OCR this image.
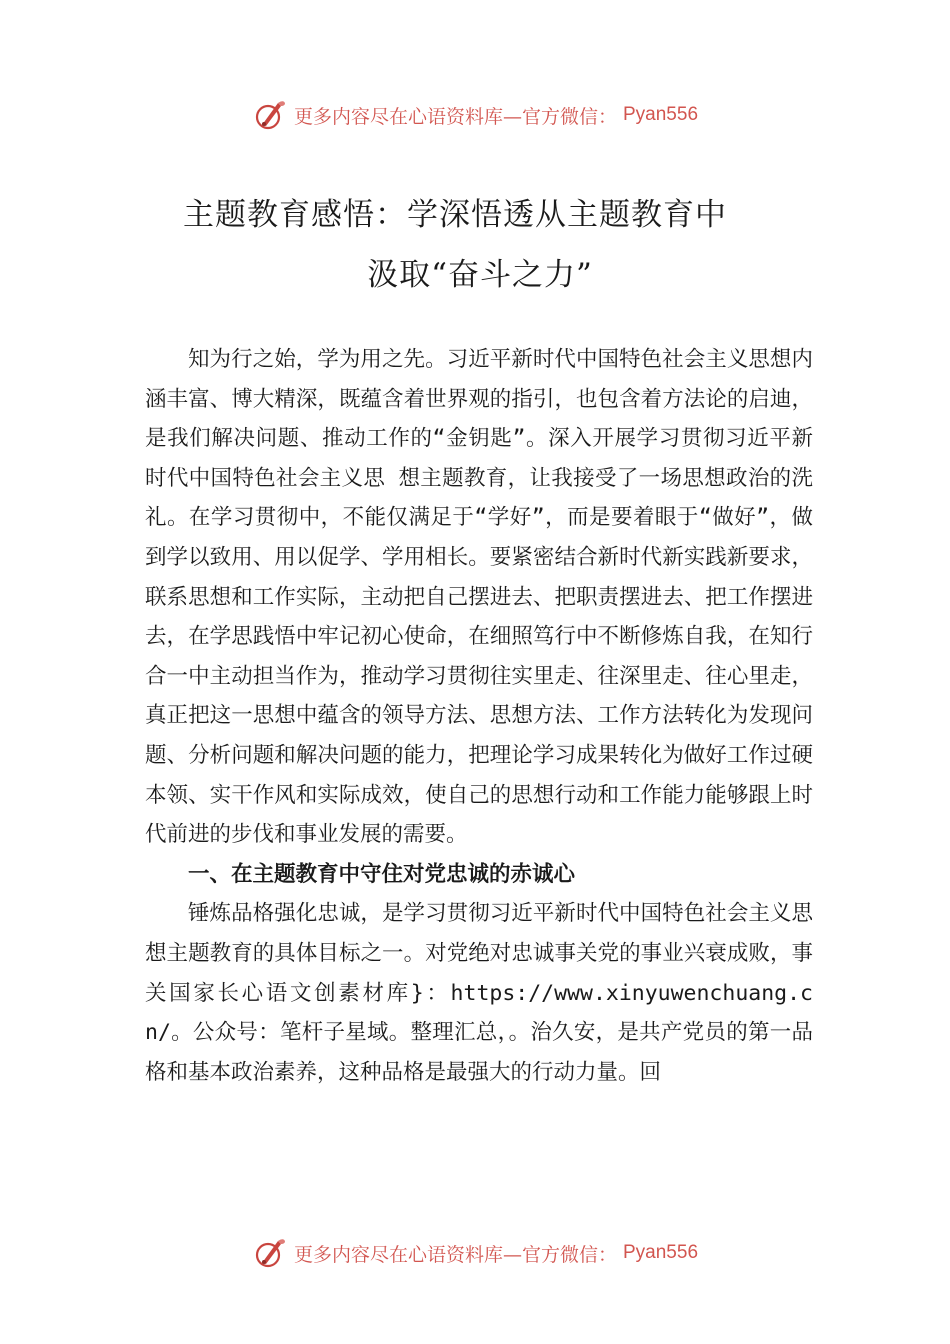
更多内容尽在心语资料库—官方微信： Pyan556
主题教育感悟：学深悟透从主题教育中
汲取“奋斗之力”

知为行之始，学为用之先。习近平新时代中国特色社会主义思想内涵丰富、博大精深，既蕴含着世界观的指引，也包含着方法论的启迪，是我们解决问题、推动工作的“金钥匙”。深入开展学习贯彻习近平新时代中国特色社会主义思 想主题教育，让我接受了一场思想政治的洗礼。在学习贯彻中，不能仅满足于“学好”，而是要着眼于“做好”，做到学以致用、用以促学、学用相长。要紧密结合新时代新实践新要求，联系思想和工作实际，主动把自己摆进去、把职责摆进去、把工作摆进去，在学思践悟中牢记初心使命，在细照笃行中不断修炼自我，在知行合一中主动担当作为，推动学习贯彻往实里走、往深里走、往心里走，真正把这一思想中蕴含的领导方法、思想方法、工作方法转化为发现问题、分析问题和解决问题的能力，把理论学习成果转化为做好工作过硬本领、实干作风和实际成效，使自己的思想行动和工作能力能够跟上时代前进的步伐和事业发展的需要。

一、在主题教育中守住对党忠诚的赤诚心

锤炼品格强化忠诚，是学习贯彻习近平新时代中国特色社会主义思想主题教育的具体目标之一。对党绝对忠诚事关党的事业兴衰成败，事关国家长心语文创素材库}：https://www.xinyuwenchuang.cn/。公众号：笔杆子星域。整理汇总，。治久安，是共产党员的第一品格和基本政治素养，这种品格是最强大的行动力量。回

更多内容尽在心语资料库—官方微信： Pyan556
